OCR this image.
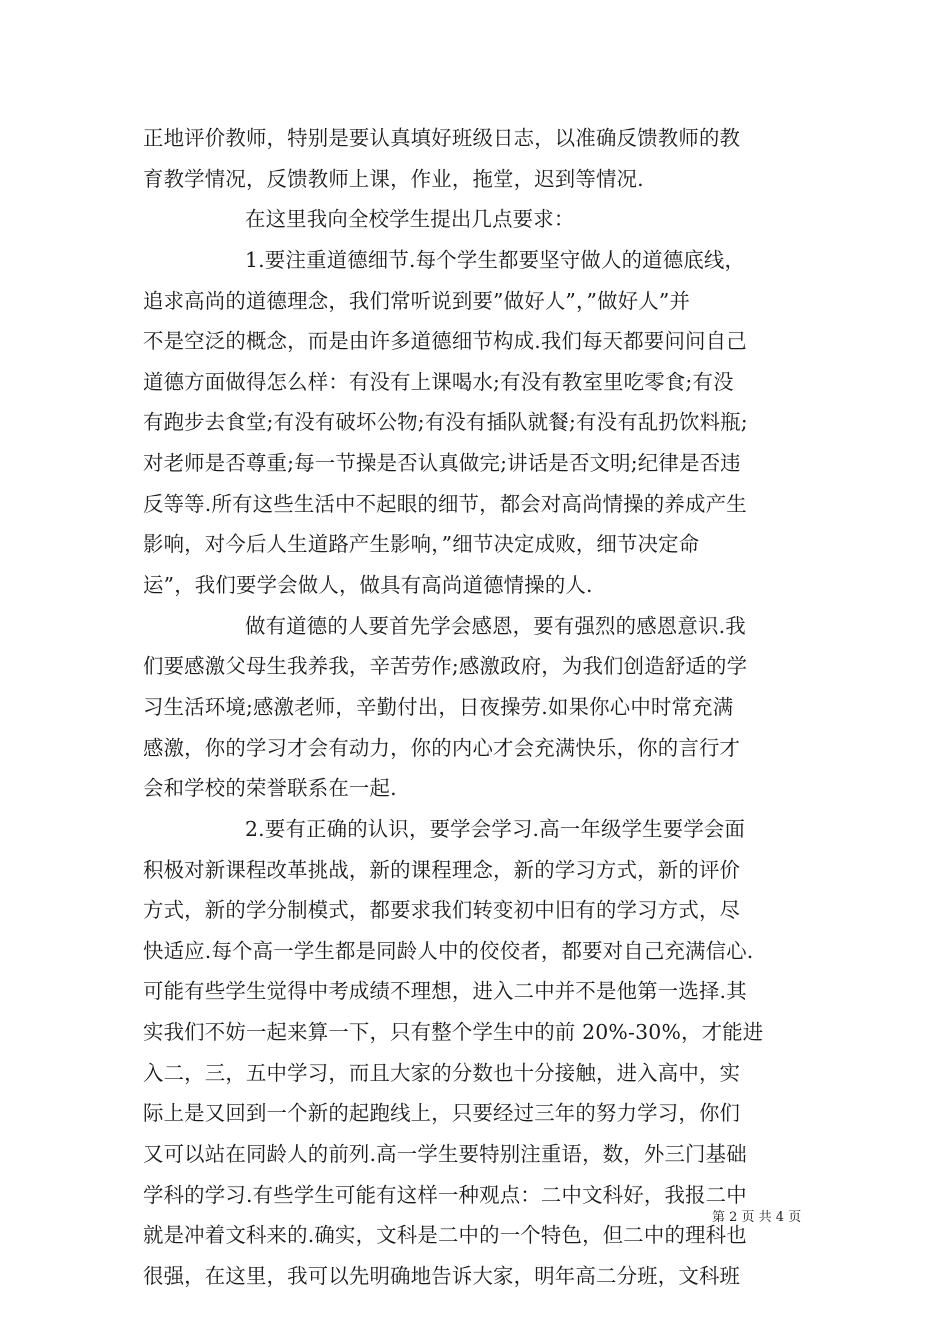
正地评价教师，特别是要认真填好班级日志，以准确反馈教师的教
育教学情况，反馈教师上课，作业，拖堂，迟到等情况.
在这里我向全校学生提出几点要求：
1.要注重道德细节.每个学生都要坚守做人的道德底线，
追求高尚的道德理念，我们常听说到要”做好人”，”做好人”并
不是空泛的概念，而是由许多道德细节构成.我们每天都要问问自己
道德方面做得怎么样：有没有上课喝水;有没有教室里吃零食;有没
有跑步去食堂;有没有破坏公物;有没有插队就餐;有没有乱扔饮料瓶;
对老师是否尊重;每一节操是否认真做完;讲话是否文明;纪律是否违
反等等.所有这些生活中不起眼的细节，都会对高尚情操的养成产生
影响，对今后人生道路产生影响，”细节决定成败，细节决定命
运”，我们要学会做人，做具有高尚道德情操的人.
做有道德的人要首先学会感恩，要有强烈的感恩意识.我
们要感激父母生我养我，辛苦劳作;感激政府，为我们创造舒适的学
习生活环境;感激老师，辛勤付出，日夜操劳.如果你心中时常充满
感激，你的学习才会有动力，你的内心才会充满快乐，你的言行才
会和学校的荣誉联系在一起.
2.要有正确的认识，要学会学习.高一年级学生要学会面
积极对新课程改革挑战，新的课程理念，新的学习方式，新的评价
方式，新的学分制模式，都要求我们转变初中旧有的学习方式，尽
快适应.每个高一学生都是同龄人中的佼佼者，都要对自己充满信心.
可能有些学生觉得中考成绩不理想，进入二中并不是他第一选择.其
实我们不妨一起来算一下，只有整个学生中的前 20%-30%，才能进
入二，三，五中学习，而且大家的分数也十分接触，进入高中，实
际上是又回到一个新的起跑线上，只要经过三年的努力学习，你们
又可以站在同龄人的前列.高一学生要特别注重语，数，外三门基础
学科的学习.有些学生可能有这样一种观点：二中文科好，我报二中
就是冲着文科来的.确实，文科是二中的一个特色，但二中的理科也
很强，在这里，我可以先明确地告诉大家，明年高二分班，文科班
第 2 页 共 4 页
